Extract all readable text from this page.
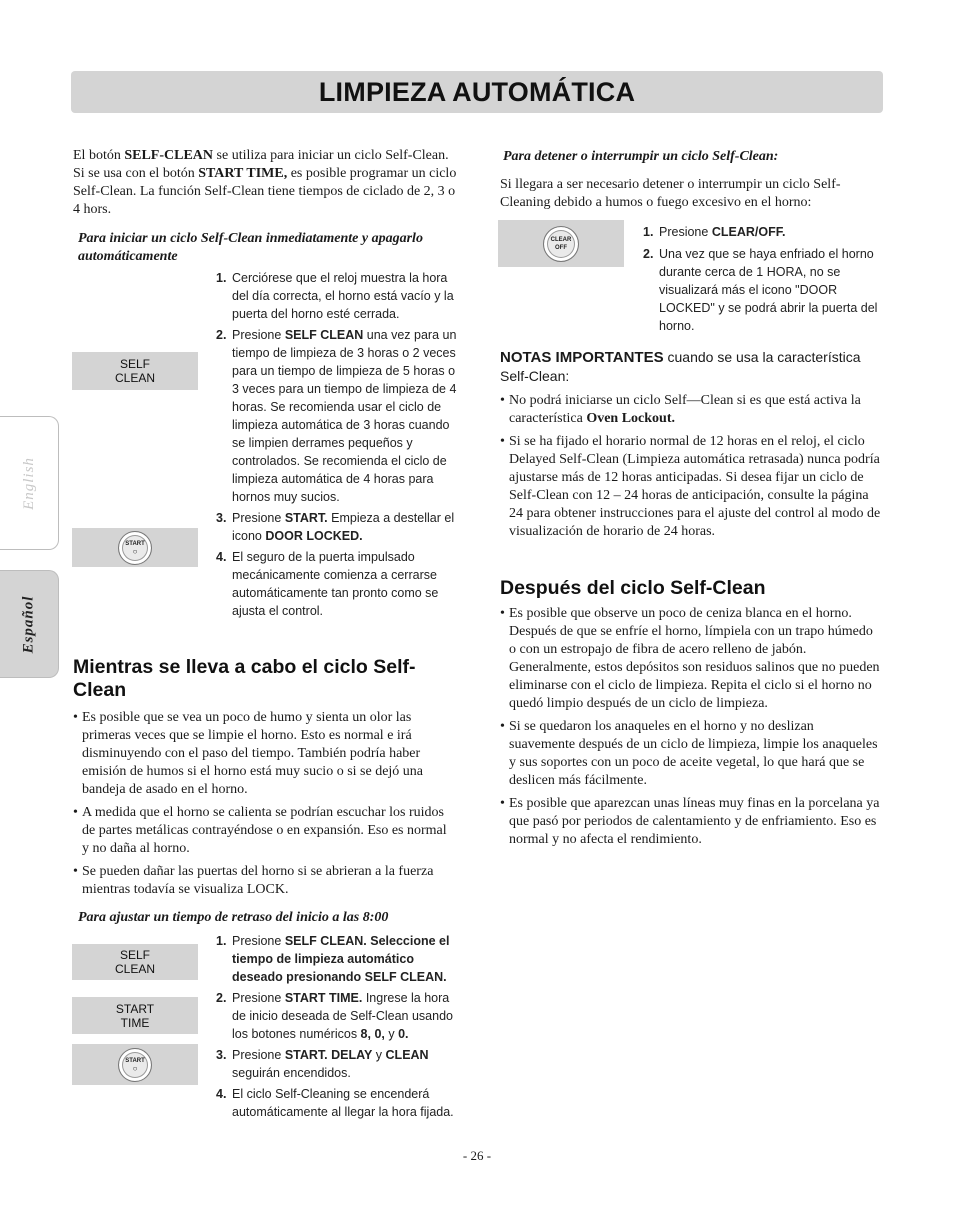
LIMPIEZA AUTOMÁTICA
English
Español

El botón SELF-CLEAN se utiliza para iniciar un ciclo Self-Clean. Si se usa con el botón START TIME, es posible programar un ciclo Self-Clean. La función Self-Clean tiene tiempos de ciclado de 2, 3 o 4 hors.

Para iniciar un ciclo Self-Clean inmediatamente y apagarlo automáticamente

SELF
CLEAN
START
○
1. Cerciórese que el reloj muestra la hora del día correcta, el horno está vacío y la puerta del horno esté cerrada.
2. Presione SELF CLEAN una vez para un tiempo de limpieza de 3 horas o 2 veces para un tiempo de limpieza de 5 horas o 3 veces para un tiempo de limpieza de 4 horas. Se recomienda usar el ciclo de limpieza automática de 3 horas cuando se limpien derrames pequeños y controlados. Se recomienda el ciclo de limpieza automática de 4 horas para hornos muy sucios.
3. Presione START. Empieza a destellar el icono DOOR LOCKED.
4. El seguro de la puerta impulsado mecánicamente comienza a cerrarse automáticamente tan pronto como se ajusta el control.
Mientras se lleva a cabo el ciclo Self-Clean
• Es posible que se vea un poco de humo y sienta un olor las primeras veces que se limpie el horno. Esto es normal e irá disminuyendo con el paso del tiempo. También podría haber emisión de humos si el horno está muy sucio o si se dejó una bandeja de asado en el horno.
• A medida que el horno se calienta se podrían escuchar los ruidos de partes metálicas contrayéndose o en expansión. Eso es normal y no daña al horno.
• Se pueden dañar las puertas del horno si se abrieran a la fuerza mientras todavía se visualiza LOCK.

Para ajustar un tiempo de retraso del inicio a las 8:00

SELF
CLEAN
START
TIME
START
○
1. Presione SELF CLEAN. Seleccione el tiempo de limpieza automático deseado presionando SELF CLEAN.
2. Presione START TIME. Ingrese la hora de inicio deseada de Self-Clean usando los botones numéricos 8, 0, y 0.
3. Presione START. DELAY y CLEAN seguirán encendidos.
4. El ciclo Self-Cleaning se encenderá automáticamente al llegar la hora fijada.

Para detener o interrumpir un ciclo Self-Clean:

Si llegara a ser necesario detener o interrumpir un ciclo Self-Cleaning debido a humos o fuego excesivo en el horno:

CLEAR
OFF
1. Presione CLEAR/OFF.
2. Una vez que se haya enfriado el horno durante cerca de 1 HORA, no se visualizará más el icono "DOOR LOCKED" y se podrá abrir la puerta del horno.

NOTAS IMPORTANTES cuando se usa la característica Self-Clean:

• No podrá iniciarse un ciclo Self—Clean si es que está activa la característica Oven Lockout.
• Si se ha fijado el horario normal de 12 horas en el reloj, el ciclo Delayed Self-Clean (Limpieza automática retrasada) nunca podría ajustarse más de 12 horas anticipadas. Si desea fijar un ciclo de Self-Clean con 12 – 24 horas de anticipación, consulte la página 24 para obtener instrucciones para el ajuste del control al modo de visualización de horario de 24 horas.
Después del ciclo Self-Clean
• Es posible que observe un poco de ceniza blanca en el horno. Después de que se enfríe el horno, límpiela con un trapo húmedo o con un estropajo de fibra de acero relleno de jabón. Generalmente, estos depósitos son residuos salinos que no pueden eliminarse con el ciclo de limpieza. Repita el ciclo si el horno no quedó limpio después de un ciclo de limpieza.
• Si se quedaron los anaqueles en el horno y no deslizan suavemente después de un ciclo de limpieza, limpie los anaqueles y sus soportes con un poco de aceite vegetal, lo que hará que se deslicen más fácilmente.
• Es posible que aparezcan unas líneas muy finas en la porcelana ya que pasó por periodos de calentamiento y de enfriamiento. Eso es normal y no afecta el rendimiento.
- 26 -
